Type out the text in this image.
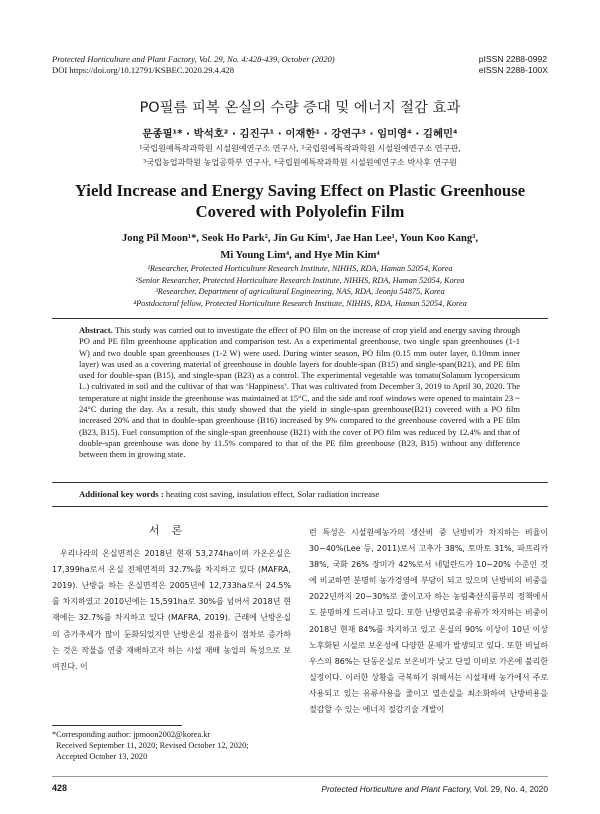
Protected Horticulture and Plant Factory, Vol. 29, No. 4:428-439, October (2020)
DOI https://doi.org/10.12791/KSBEC.2020.29.4.428
pISSN 2288-0992
eISSN 2288-100X
PO필름 피복 온실의 수량 증대 및 에너지 절감 효과
문종필¹* · 박석호² · 김진구¹ · 이재한¹ · 강연구³ · 임미영⁴ · 김혜민⁴
¹국립원예특작과학원 시설원예연구소 연구사, ²국립원예특작과학원 시설원예연구소 연구관,
³국립농업과학원 농업공학부 연구사, ⁴국립원예특작과학원 시설원예연구소 박사후 연구원
Yield Increase and Energy Saving Effect on Plastic Greenhouse
Covered with Polyolefin Film
Jong Pil Moon¹*, Seok Ho Park², Jin Gu Kim¹, Jae Han Lee¹, Youn Koo Kang³,
Mi Young Lim⁴, and Hye Min Kim⁴
¹Researcher, Protected Horticulture Research Institute, NIHHS, RDA, Haman 52054, Korea
²Senior Researcher, Protected Horticulture Research Institute, NIHHS, RDA, Haman 52054, Korea
³Researcher, Department of agricultural Engineering, NAS, RDA, Jeonju 54875, Korea
⁴Postdoctoral fellow, Protected Horticulture Research Institute, NIHHS, RDA, Haman 52054, Korea
Abstract. This study was carried out to investigate the effect of PO film on the increase of crop yield and energy saving through PO and PE film greenhouse application and comparison test. As a experimental greenhouse, two single span greenhouses (1-1 W) and two double span greenhouses (1-2 W) were used. During winter season, PO film (0.15 mm outer layer, 0.10mm inner layer) was used as a covering material of greenhouse in double layers for double-span (B15) and single-span(B21), and PE film used for double-span (B15), and single-span (B23) as a control. The experimental vegetable was tomato(Solanum lycopersicum L.) cultivated in soil and the cultivar of that was ‘Happiness’. That was cultivated from December 3, 2019 to April 30, 2020. The temperature at night inside the greenhouse was maintained at 15°C, and the side and roof windows were opened to maintain 23 ~ 24°C during the day. As a result, this study showed that the yield in single-span greenhouse(B21) covered with a PO film increased 20% and that in double-span greenhouse (B16) increased by 9% compared to the greenhouse covered with a PE film (B23, B15). Fuel consumption of the single-span greenhouse (B21) with the cover of PO film was reduced by 12.4% and that of double-span greenhouse was done by 11.5% compared to that of the PE film greenhouse (B23, B15) without any difference between them in growing state.
Additional key words : heating cost saving, insulation effect, Solar radiation increase
서론
우리나라의 온실면적은 2018년 현재 53,274ha이며 가온온실은 17,399ha로서 온실 전체면적의 32.7%를 차지하고 있다 (MAFRA, 2019). 난방을 하는 온실면적은 2005년에 12,733ha로서 24.5%를 차지하였고 2010년에는 15,591ha로 30%를 넘어서 2018년 현재에는 32.7%를 차지하고 있다 (MAFRA, 2019). 근래에 난방온실의 증가추세가 많이 둔화되었지만 난방온실 점유율이 점차로 증가하는 것은 작물을 연중 재배하고자 하는 시설 재배 농업의 특성으로 보여진다. 이
런 특성은 시설원예농가의 생산비 중 난방비가 차지하는 비율이 30~40%(Lee 등, 2011)로서 고추가 38%, 토마토 31%, 파프리카 38%, 국화 26% 장미가 42%로서 네덜란드가 10~20% 수준인 것에 비교하면 분명히 농가경영에 부담이 되고 있으며 난방비의 비중을 2022년까지 20~30%로 줄이고자 하는 농림축산식품부의 정책에서도 분명하게 드러나고 있다. 또한 난방연료중 유류가 차지하는 비중이 2018년 현재 84%를 차지하고 있고 온실의 90% 이상이 10년 이상 노후화된 시설로 보온성에 다양한 문제가 발생되고 있다. 또한 비닐하우스의 86%는 단동온실로 보온비가 낮고 단열 미비로 가온에 불리한 실정이다. 이러한 상황을 극복하기 위해서는 시설재배 농가에서 주로 사용되고 있는 유류사용을 줄이고 열손실을 최소화하여 난방비용을 절감할 수 있는 에너지 절감기술 개발이
*Corresponding author: jpmoon2002@korea.kr
Received September 11, 2020; Revised October 12, 2020;
Accepted October 13, 2020
428	Protected Horticulture and Plant Factory, Vol. 29, No. 4, 2020
